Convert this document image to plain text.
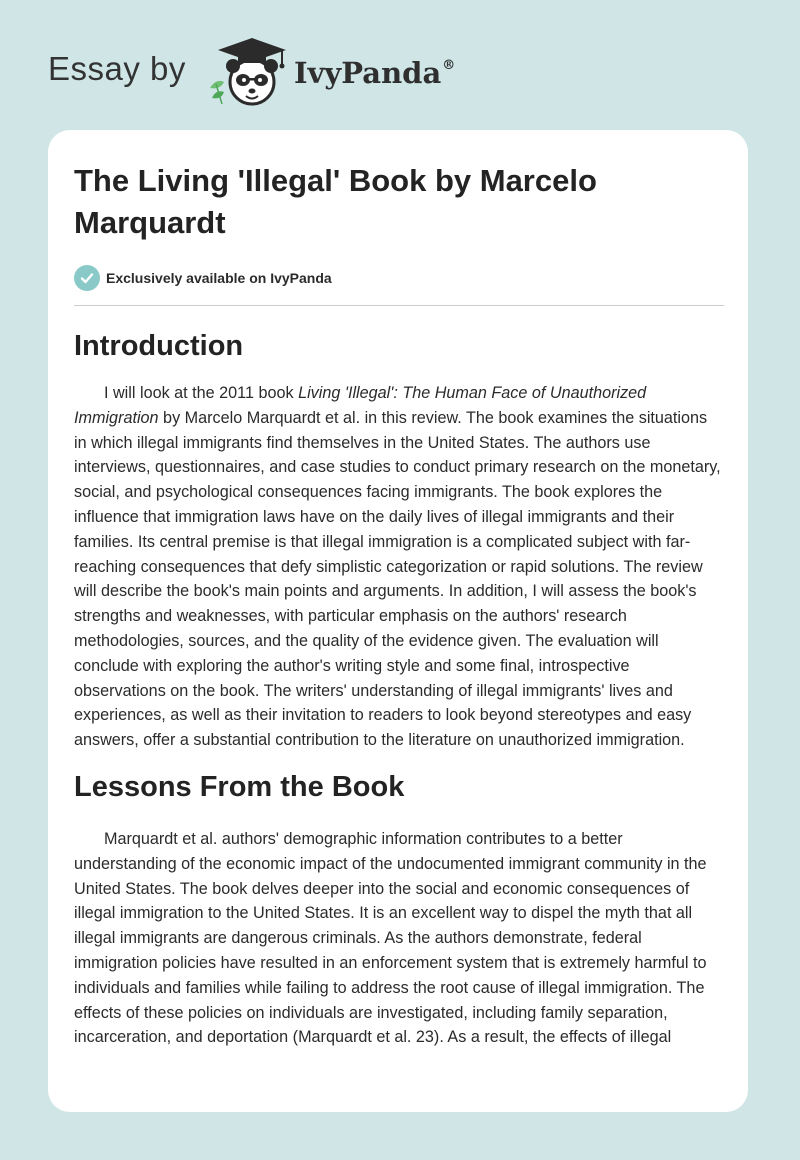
Essay by	IvyPanda®
The Living 'Illegal' Book by Marcelo Marquardt
Exclusively available on IvyPanda
Introduction

I will look at the 2011 book Living 'Illegal': The Human Face of Unauthorized Immigration by Marcelo Marquardt et al. in this review. The book examines the situations in which illegal immigrants find themselves in the United States. The authors use interviews, questionnaires, and case studies to conduct primary research on the monetary, social, and psychological consequences facing immigrants. The book explores the influence that immigration laws have on the daily lives of illegal immigrants and their families. Its central premise is that illegal immigration is a complicated subject with far-reaching consequences that defy simplistic categorization or rapid solutions. The review will describe the book's main points and arguments. In addition, I will assess the book's strengths and weaknesses, with particular emphasis on the authors' research methodologies, sources, and the quality of the evidence given. The evaluation will conclude with exploring the author's writing style and some final, introspective observations on the book. The writers' understanding of illegal immigrants' lives and experiences, as well as their invitation to readers to look beyond stereotypes and easy answers, offer a substantial contribution to the literature on unauthorized immigration.

Lessons From the Book

Marquardt et al. authors' demographic information contributes to a better understanding of the economic impact of the undocumented immigrant community in the United States. The book delves deeper into the social and economic consequences of illegal immigration to the United States. It is an excellent way to dispel the myth that all illegal immigrants are dangerous criminals. As the authors demonstrate, federal immigration policies have resulted in an enforcement system that is extremely harmful to individuals and families while failing to address the root cause of illegal immigration. The effects of these policies on individuals are investigated, including family separation, incarceration, and deportation (Marquardt et al. 23). As a result, the effects of illegal
